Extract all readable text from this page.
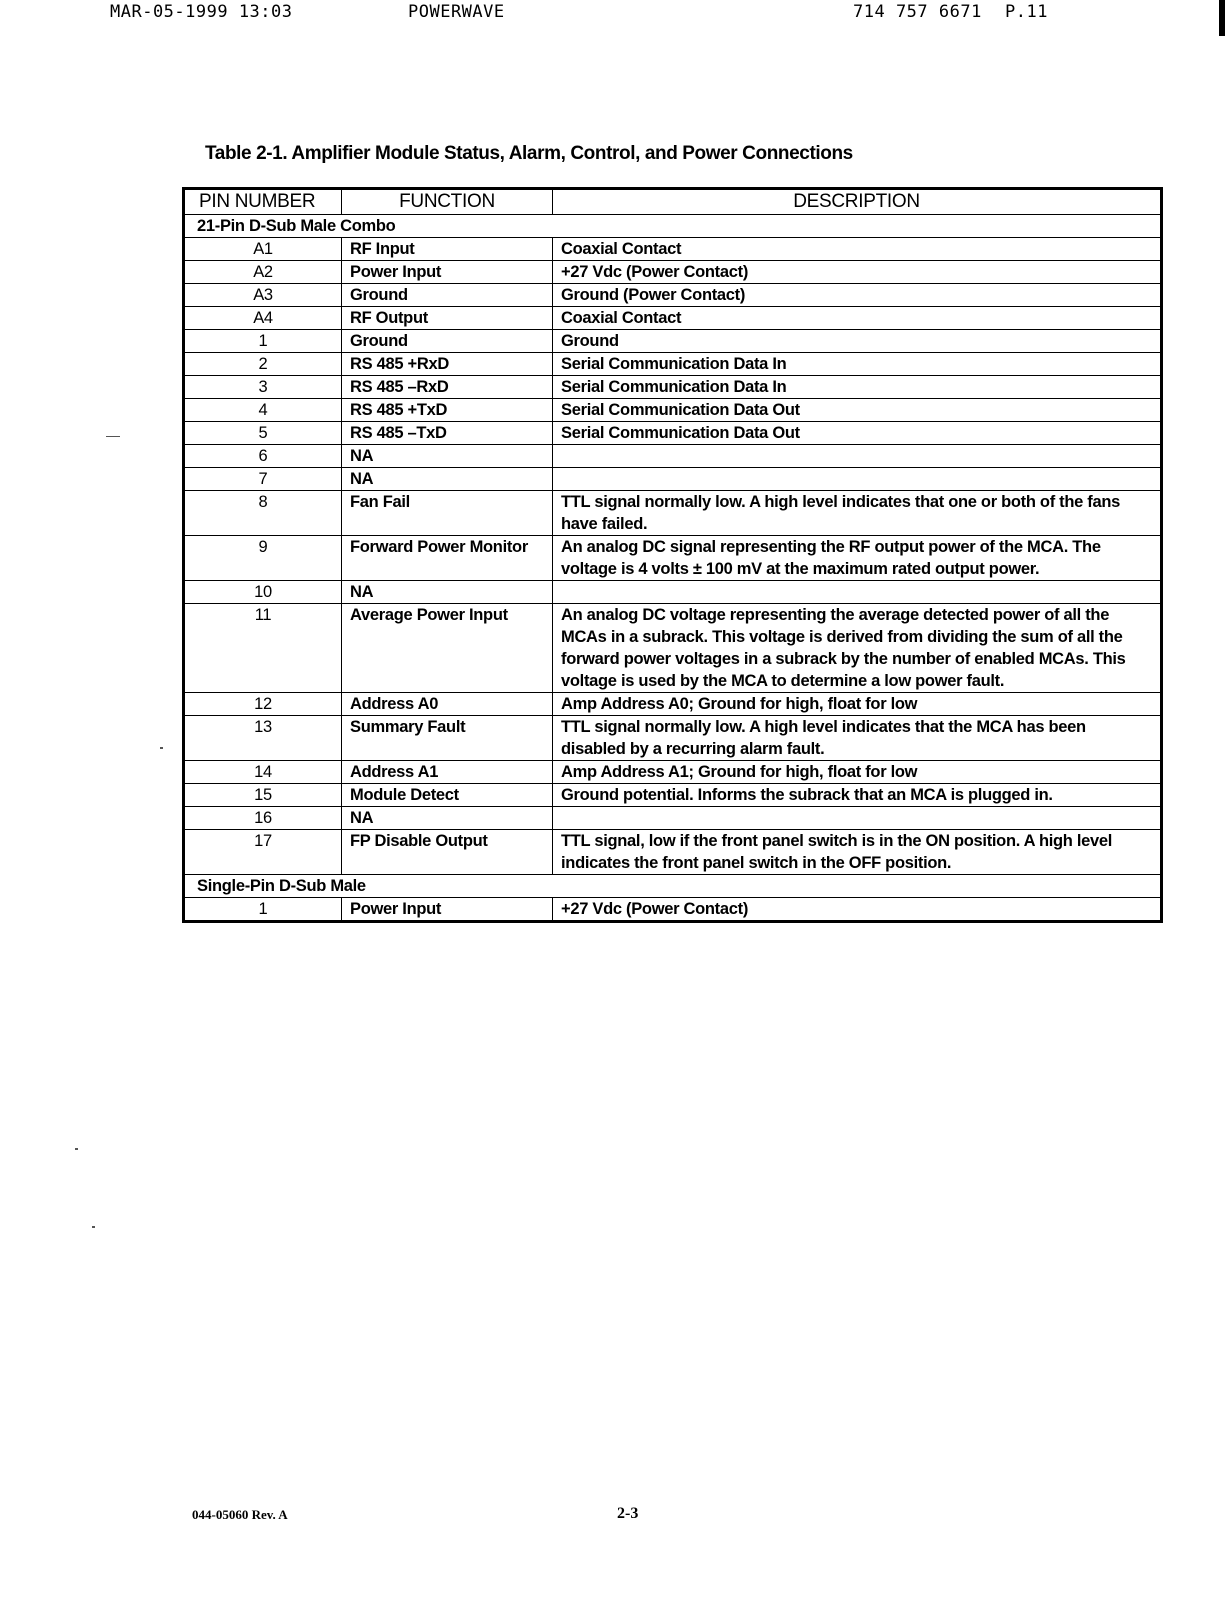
MAR-05-1999 13:03	POWERWAVE	714 757 6671 P.11
Table 2-1. Amplifier Module Status, Alarm, Control, and Power Connections
PIN NUMBER	FUNCTION	DESCRIPTION
21-Pin D-Sub Male Combo		
A1	RF Input	Coaxial Contact
A2	Power Input	+27 Vdc (Power Contact)
A3	Ground	Ground (Power Contact)
A4	RF Output	Coaxial Contact
1	Ground	Ground
2	RS 485 +RxD	Serial Communication Data In
3	RS 485 –RxD	Serial Communication Data In
4	RS 485 +TxD	Serial Communication Data Out
5	RS 485 –TxD	Serial Communication Data Out
6	NA	
7	NA	
8	Fan Fail	TTL signal normally low. A high level indicates that one or both of the fans have failed.
9	Forward Power Monitor	An analog DC signal representing the RF output power of the MCA. The voltage is 4 volts ± 100 mV at the maximum rated output power.
10	NA	
11	Average Power Input	An analog DC voltage representing the average detected power of all the MCAs in a subrack. This voltage is derived from dividing the sum of all the forward power voltages in a subrack by the number of enabled MCAs. This voltage is used by the MCA to determine a low power fault.
12	Address A0	Amp Address A0; Ground for high, float for low
13	Summary Fault	TTL signal normally low. A high level indicates that the MCA has been disabled by a recurring alarm fault.
14	Address A1	Amp Address A1; Ground for high, float for low
15	Module Detect	Ground potential. Informs the subrack that an MCA is plugged in.
16	NA	
17	FP Disable Output	TTL signal, low if the front panel switch is in the ON position. A high level indicates the front panel switch in the OFF position.
Single-Pin D-Sub Male		
1	Power Input	+27 Vdc (Power Contact)
044-05060 Rev. A	2-3
